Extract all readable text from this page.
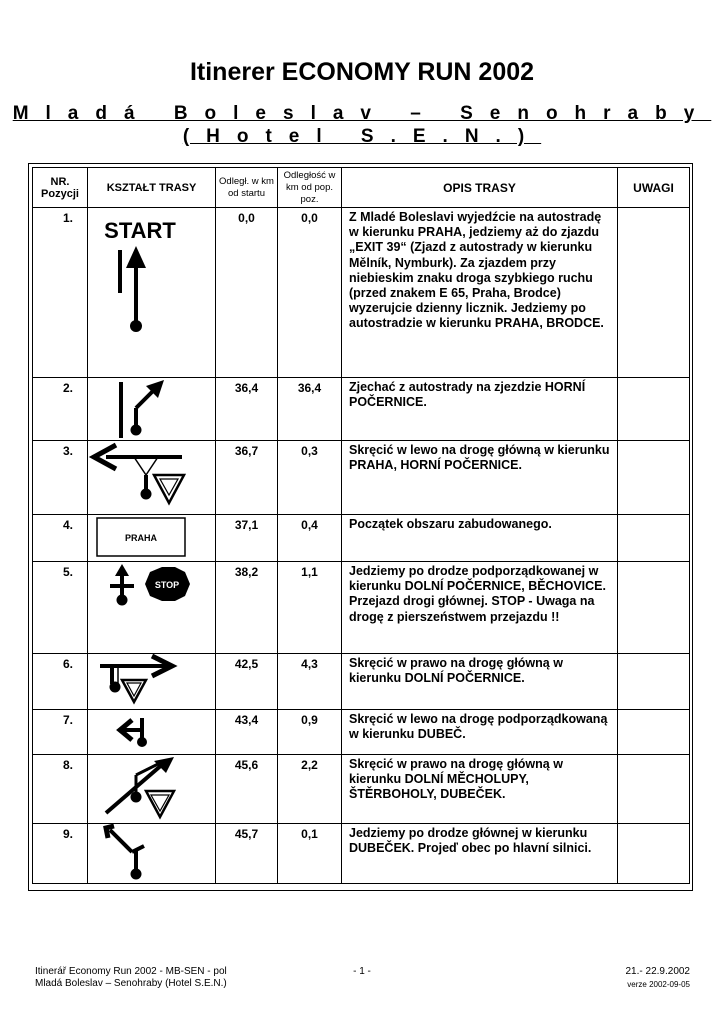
Itinerer ECONOMY RUN 2002
Mladá Boleslav – Senohraby
(Hotel S.E.N.)
NR. Pozycji	KSZTAŁT TRASY	Odległ. w km od startu	Odległość w km od pop. poz.	OPIS TRASY	UWAGI
1.	START	0,0	0,0	Z Mladé Boleslavi wyjedźcie na autostradę w kierunku PRAHA, jedziemy aż do zjazdu „EXIT 39“ (Zjazd z autostrady w kierunku Mělník, Nymburk). Za zjazdem przy niebieskim znaku droga szybkiego ruchu (przed znakem E 65, Praha, Brodce) wyzerujcie dzienny licznik. Jedziemy po autostradzie w kierunku PRAHA, BRODCE.	
2.		36,4	36,4	Zjechać z autostrady na zjezdzie HORNÍ POČERNICE.	
3.		36,7	0,3	Skręcić w lewo na drogę główną w kierunku PRAHA, HORNÍ POČERNICE.	
4.	PRAHA	37,1	0,4	Początek obszaru zabudowanego.	
5.	STOP	38,2	1,1	Jedziemy po drodze podporządkowanej w kierunku DOLNÍ POČERNICE, BĚCHOVICE. Przejazd drogi głównej. STOP - Uwaga na drogę z pierszeństwem przejazdu !!	
6.		42,5	4,3	Skręcić w prawo na drogę główną w kierunku DOLNÍ POČERNICE.	
7.		43,4	0,9	Skręcić w lewo na drogę podporządkowaną w kierunku DUBEČ.	
8.		45,6	2,2	Skręcić w prawo na drogę główną w kierunku DOLNÍ MĚCHOLUPY, ŠTĚRBOHOLY, DUBEČEK.	
9.		45,7	0,1	Jedziemy po drodze głównej w kierunku DUBEČEK. Projeď obec po hlavní silnici.	
Itinerář Economy Run 2002 - MB-SEN - pol
Mladá Boleslav – Senohraby (Hotel S.E.N.)
- 1 -	21.- 22.9.2002
verze 2002-09-05
